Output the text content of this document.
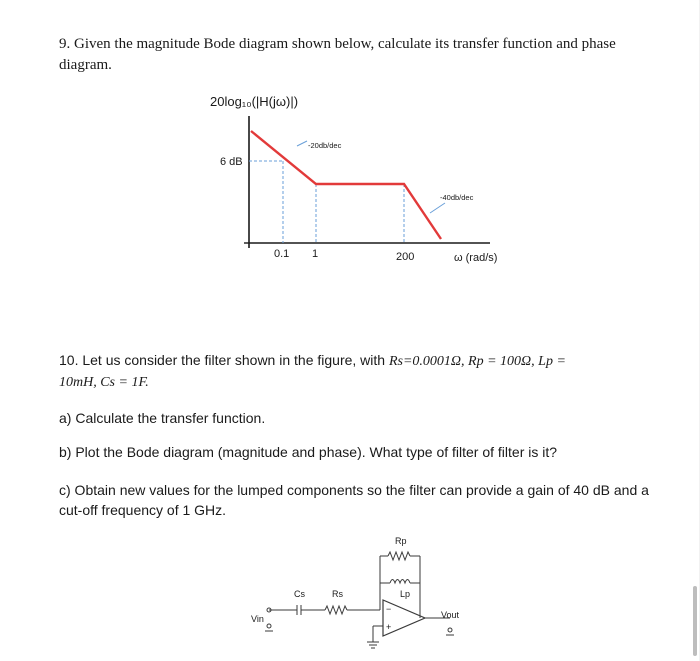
9. Given the magnitude Bode diagram shown below, calculate its transfer function and phase diagram.
20log₁₀(|H(jω)|)
6 dB
-20db/dec
-40db/dec
0.1 1	200	ω (rad/s)
10. Let us consider the filter shown in the figure, with Rs=0.0001Ω, Rp = 100Ω, Lp =
10mH, Cs = 1F.
a) Calculate the transfer function.
b) Plot the Bode diagram (magnitude and phase). What type of filter of filter is it?
c) Obtain new values for the lumped components so the filter can provide a gain of 40 dB and a cut-off frequency of 1 GHz.
Rp
Lp
Cs	Rs
Vin	Vout
−
+
